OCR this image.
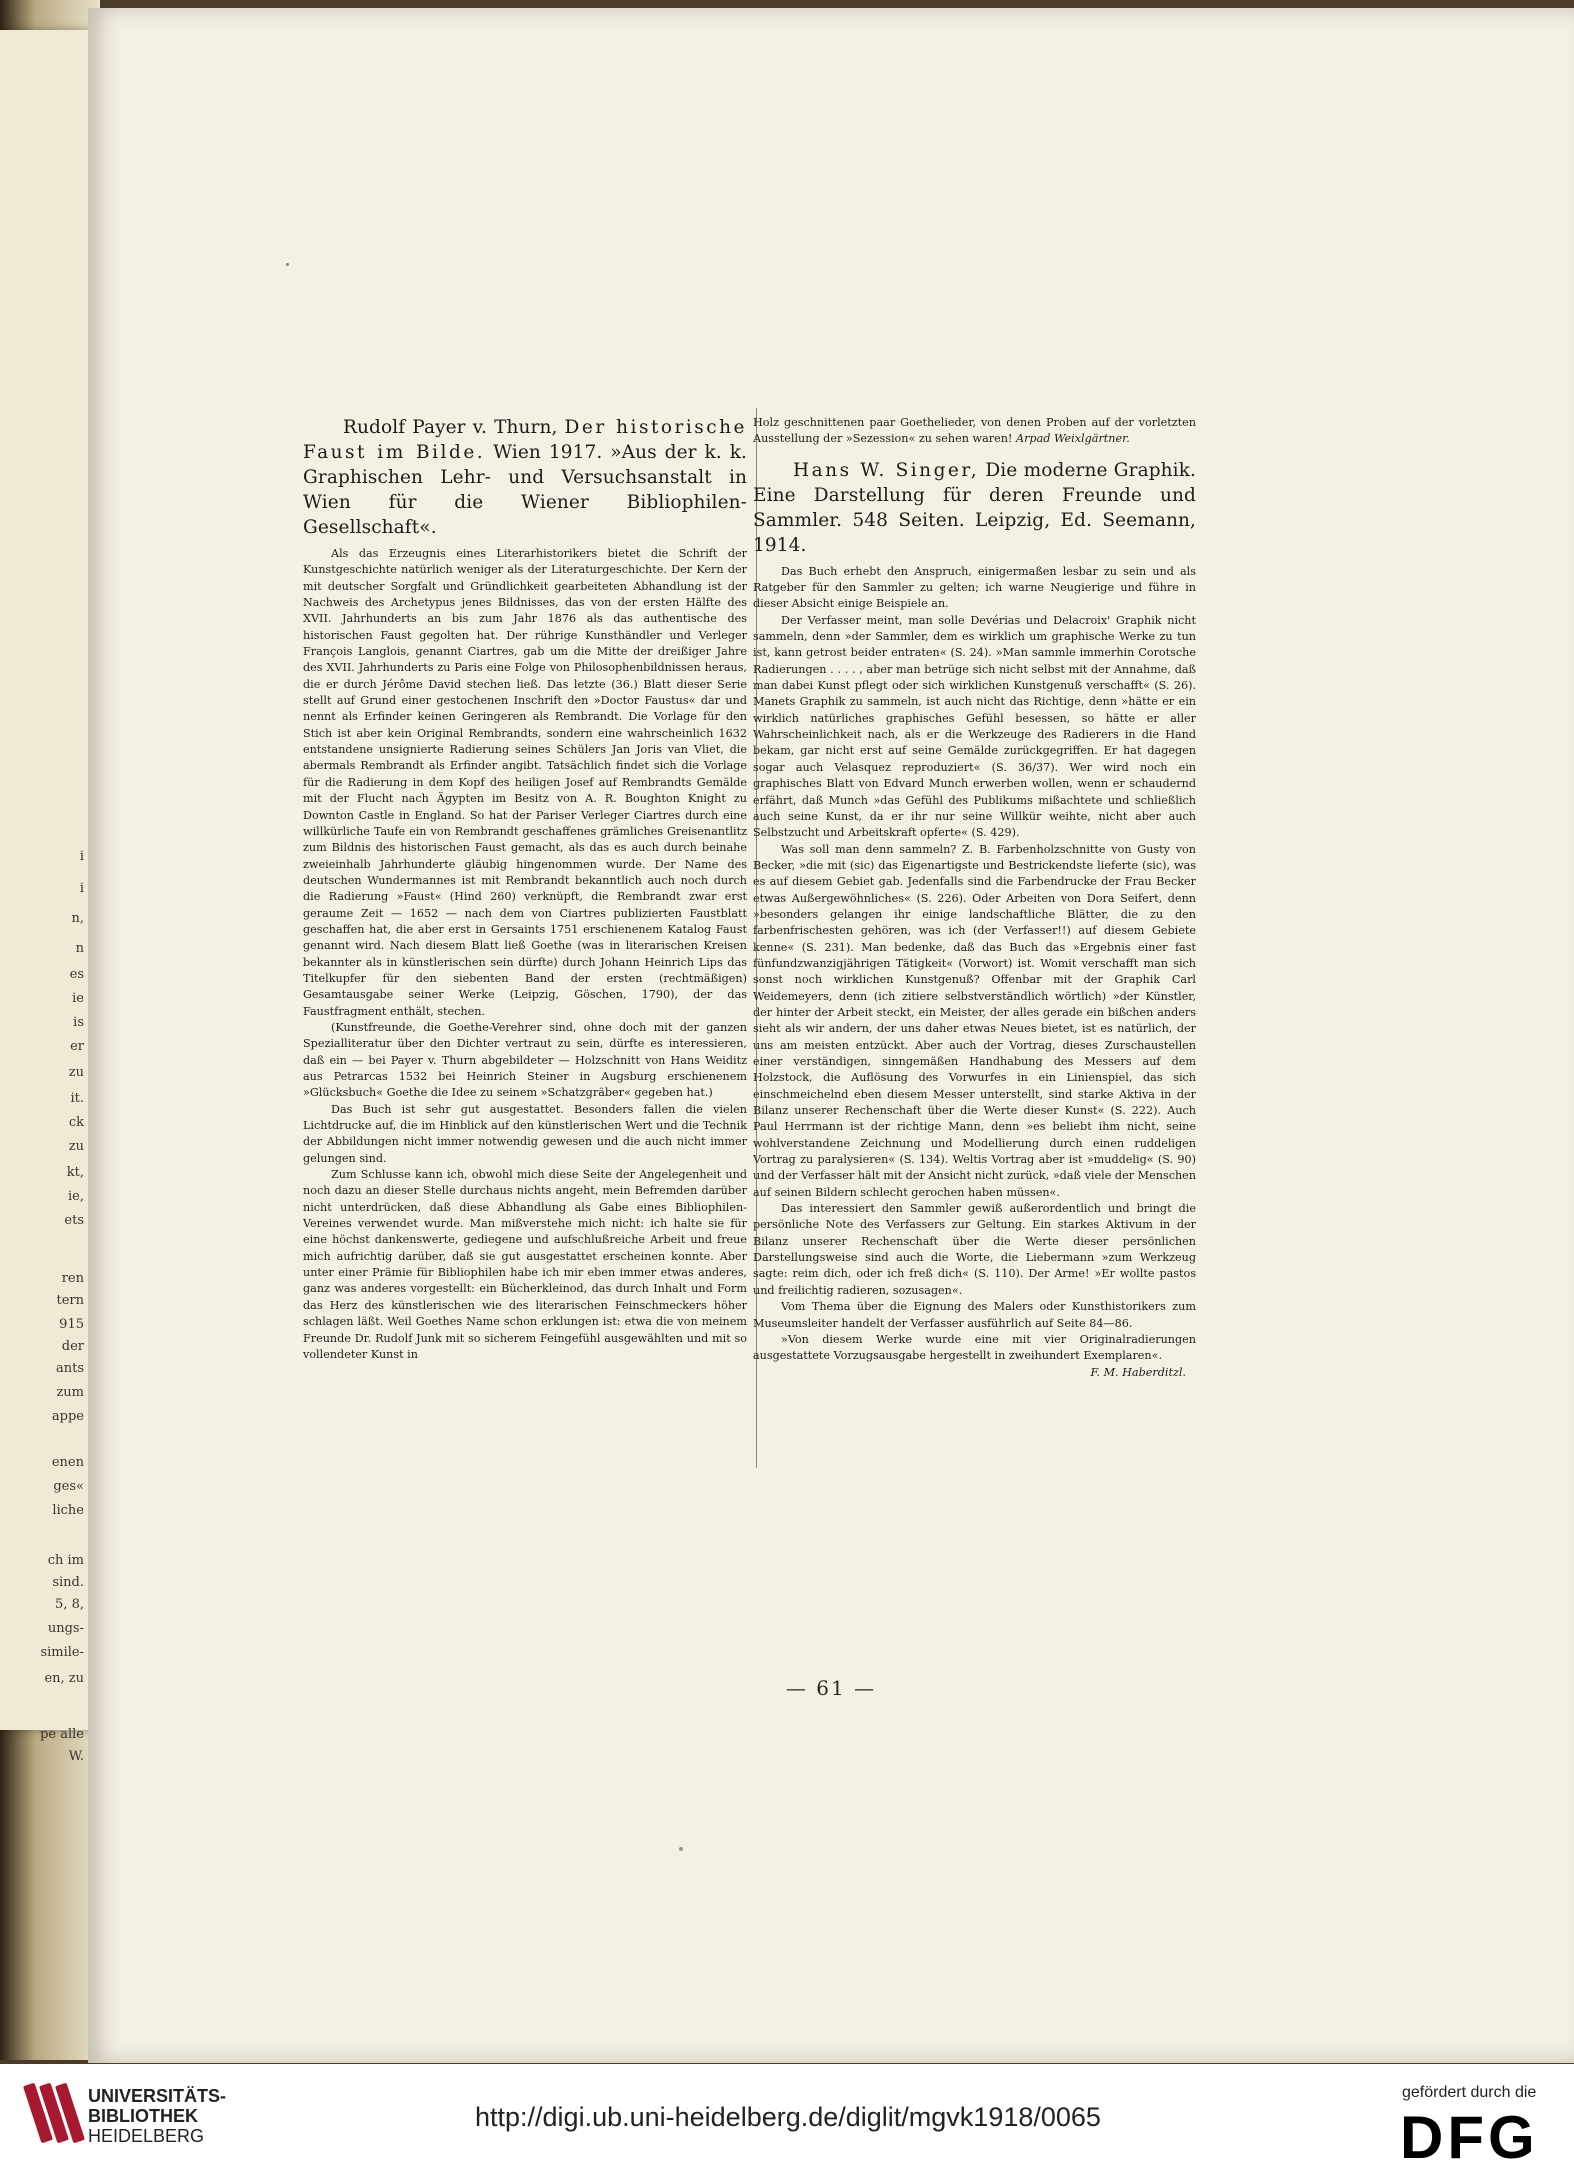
i
i
n,
n
es
ie
is
er
zu
it.
ck
zu
kt,
ie,
ets
ren
tern
915
der
ants
zum
appe
enen
ges«
liche
ch im
sind.
5, 8,
ungs-
simile-
en, zu
pe alle
W.

Rudolf Payer v. Thurn, Der historische Faust im Bilde. Wien 1917. »Aus der k. k. Graphischen Lehr- und Versuchsanstalt in Wien für die Wiener Bibliophilen-Gesellschaft«.

Als das Erzeugnis eines Literarhistorikers bietet die Schrift der Kunstgeschichte natürlich weniger als der Literaturgeschichte. Der Kern der mit deutscher Sorgfalt und Gründlichkeit gearbeiteten Abhandlung ist der Nachweis des Archetypus jenes Bildnisses, das von der ersten Hälfte des XVII. Jahrhunderts an bis zum Jahr 1876 als das authentische des historischen Faust gegolten hat. Der rührige Kunsthändler und Verleger François Langlois, genannt Ciartres, gab um die Mitte der dreißiger Jahre des XVII. Jahrhunderts zu Paris eine Folge von Philosophenbildnissen heraus, die er durch Jérôme David stechen ließ. Das letzte (36.) Blatt dieser Serie stellt auf Grund einer gestochenen Inschrift den »Doctor Faustus« dar und nennt als Erfinder keinen Geringeren als Rembrandt. Die Vorlage für den Stich ist aber kein Original Rembrandts, sondern eine wahrscheinlich 1632 entstandene unsignierte Radierung seines Schülers Jan Joris van Vliet, die abermals Rembrandt als Erfinder angibt. Tatsächlich findet sich die Vorlage für die Radierung in dem Kopf des heiligen Josef auf Rembrandts Gemälde mit der Flucht nach Ägypten im Besitz von A. R. Boughton Knight zu Downton Castle in England. So hat der Pariser Verleger Ciartres durch eine willkürliche Taufe ein von Rembrandt geschaffenes grämliches Greisenantlitz zum Bildnis des historischen Faust gemacht, als das es auch durch beinahe zweieinhalb Jahrhunderte gläubig hingenommen wurde. Der Name des deutschen Wundermannes ist mit Rembrandt bekanntlich auch noch durch die Radierung »Faust« (Hind 260) verknüpft, die Rembrandt zwar erst geraume Zeit — 1652 — nach dem von Ciartres publizierten Faustblatt geschaffen hat, die aber erst in Gersaints 1751 erschienenem Katalog Faust genannt wird. Nach diesem Blatt ließ Goethe (was in literarischen Kreisen bekannter als in künstlerischen sein dürfte) durch Johann Heinrich Lips das Titelkupfer für den siebenten Band der ersten (rechtmäßigen) Gesamtausgabe seiner Werke (Leipzig, Göschen, 1790), der das Faustfragment enthält, stechen.

(Kunstfreunde, die Goethe-Verehrer sind, ohne doch mit der ganzen Spezialliteratur über den Dichter vertraut zu sein, dürfte es interessieren, daß ein — bei Payer v. Thurn abgebildeter — Holzschnitt von Hans Weiditz aus Petrarcas 1532 bei Heinrich Steiner in Augsburg erschienenem »Glücksbuch« Goethe die Idee zu seinem »Schatzgräber« gegeben hat.)

Das Buch ist sehr gut ausgestattet. Besonders fallen die vielen Lichtdrucke auf, die im Hinblick auf den künstlerischen Wert und die Technik der Abbildungen nicht immer notwendig gewesen und die auch nicht immer gelungen sind.

Zum Schlusse kann ich, obwohl mich diese Seite der Angelegenheit und noch dazu an dieser Stelle durchaus nichts angeht, mein Befremden darüber nicht unterdrücken, daß diese Abhandlung als Gabe eines Bibliophilen-Vereines verwendet wurde. Man mißverstehe mich nicht: ich halte sie für eine höchst dankenswerte, gediegene und aufschlußreiche Arbeit und freue mich aufrichtig darüber, daß sie gut ausgestattet erscheinen konnte. Aber unter einer Prämie für Bibliophilen habe ich mir eben immer etwas anderes, ganz was anderes vorgestellt: ein Bücherkleinod, das durch Inhalt und Form das Herz des künstlerischen wie des literarischen Feinschmeckers höher schlagen läßt. Weil Goethes Name schon erklungen ist: etwa die von meinem Freunde Dr. Rudolf Junk mit so sicherem Feingefühl ausgewählten und mit so vollendeter Kunst in

Holz geschnittenen paar Goethelieder, von denen Proben auf der vorletzten Ausstellung der »Sezession« zu sehen waren! Arpad Weixlgärtner.

Hans W. Singer, Die moderne Graphik. Eine Darstellung für deren Freunde und Sammler. 548 Seiten. Leipzig, Ed. Seemann, 1914.

Das Buch erhebt den Anspruch, einigermaßen lesbar zu sein und als Ratgeber für den Sammler zu gelten; ich warne Neugierige und führe in dieser Absicht einige Beispiele an.

Der Verfasser meint, man solle Devérias und Delacroix' Graphik nicht sammeln, denn »der Sammler, dem es wirklich um graphische Werke zu tun ist, kann getrost beider entraten« (S. 24). »Man sammle immerhin Corotsche Radierungen . . . . , aber man betrüge sich nicht selbst mit der Annahme, daß man dabei Kunst pflegt oder sich wirklichen Kunstgenuß verschafft« (S. 26). Manets Graphik zu sammeln, ist auch nicht das Richtige, denn »hätte er ein wirklich natürliches graphisches Gefühl besessen, so hätte er aller Wahrscheinlichkeit nach, als er die Werkzeuge des Radierers in die Hand bekam, gar nicht erst auf seine Gemälde zurückgegriffen. Er hat dagegen sogar auch Velasquez reproduziert« (S. 36/37). Wer wird noch ein graphisches Blatt von Edvard Munch erwerben wollen, wenn er schaudernd erfährt, daß Munch »das Gefühl des Publikums mißachtete und schließlich auch seine Kunst, da er ihr nur seine Willkür weihte, nicht aber auch Selbstzucht und Arbeitskraft opferte« (S. 429).

Was soll man denn sammeln? Z. B. Farbenholzschnitte von Gusty von Becker, »die mit (sic) das Eigenartigste und Bestrickendste lieferte (sic), was es auf diesem Gebiet gab. Jedenfalls sind die Farbendrucke der Frau Becker etwas Außergewöhnliches« (S. 226). Oder Arbeiten von Dora Seifert, denn »besonders gelangen ihr einige landschaftliche Blätter, die zu den farbenfrischesten gehören, was ich (der Verfasser!!) auf diesem Gebiete kenne« (S. 231). Man bedenke, daß das Buch das »Ergebnis einer fast fünfundzwanzigjährigen Tätigkeit« (Vorwort) ist. Womit verschafft man sich sonst noch wirklichen Kunstgenuß? Offenbar mit der Graphik Carl Weidemeyers, denn (ich zitiere selbstverständlich wörtlich) »der Künstler, der hinter der Arbeit steckt, ein Meister, der alles gerade ein bißchen anders sieht als wir andern, der uns daher etwas Neues bietet, ist es natürlich, der uns am meisten entzückt. Aber auch der Vortrag, dieses Zurschaustellen einer verständigen, sinngemäßen Handhabung des Messers auf dem Holzstock, die Auflösung des Vorwurfes in ein Linienspiel, das sich einschmeichelnd eben diesem Messer unterstellt, sind starke Aktiva in der Bilanz unserer Rechenschaft über die Werte dieser Kunst« (S. 222). Auch Paul Herrmann ist der richtige Mann, denn »es beliebt ihm nicht, seine wohlverstandene Zeichnung und Modellierung durch einen ruddeligen Vortrag zu paralysieren« (S. 134). Weltis Vortrag aber ist »muddelig« (S. 90) und der Verfasser hält mit der Ansicht nicht zurück, »daß viele der Menschen auf seinen Bildern schlecht gerochen haben müssen«.

Das interessiert den Sammler gewiß außerordentlich und bringt die persönliche Note des Verfassers zur Geltung. Ein starkes Aktivum in der Bilanz unserer Rechenschaft über die Werte dieser persönlichen Darstellungsweise sind auch die Worte, die Liebermann »zum Werkzeug sagte: reim dich, oder ich freß dich« (S. 110). Der Arme! »Er wollte pastos und freilichtig radieren, sozusagen«.

Vom Thema über die Eignung des Malers oder Kunsthistorikers zum Museumsleiter handelt der Verfasser ausführlich auf Seite 84—86.

»Von diesem Werke wurde eine mit vier Originalradierungen ausgestattete Vorzugsausgabe hergestellt in zweihundert Exemplaren«.

F. M. Haberditzl.

— 61 —
UNIVERSITÄTS-
BIBLIOTHEK
HEIDELBERG
http://digi.ub.uni-heidelberg.de/diglit/mgvk1918/0065
gefördert durch die
DFG
